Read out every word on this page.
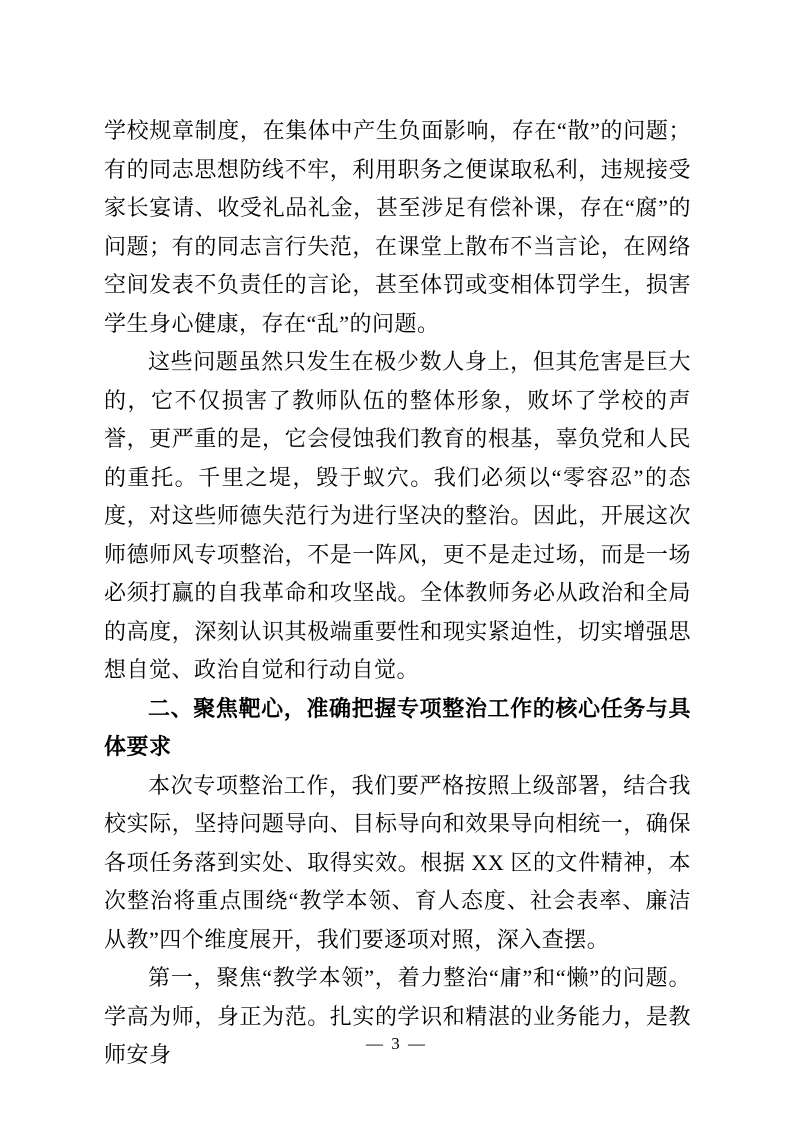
学校规章制度，在集体中产生负面影响，存在“散”的问题；有的同志思想防线不牢，利用职务之便谋取私利，违规接受家长宴请、收受礼品礼金，甚至涉足有偿补课，存在“腐”的问题；有的同志言行失范，在课堂上散布不当言论，在网络空间发表不负责任的言论，甚至体罚或变相体罚学生，损害学生身心健康，存在“乱”的问题。

这些问题虽然只发生在极少数人身上，但其危害是巨大的，它不仅损害了教师队伍的整体形象，败坏了学校的声誉，更严重的是，它会侵蚀我们教育的根基，辜负党和人民的重托。千里之堤，毁于蚁穴。我们必须以“零容忍”的态度，对这些师德失范行为进行坚决的整治。因此，开展这次师德师风专项整治，不是一阵风，更不是走过场，而是一场必须打赢的自我革命和攻坚战。全体教师务必从政治和全局的高度，深刻认识其极端重要性和现实紧迫性，切实增强思想自觉、政治自觉和行动自觉。

二、聚焦靶心，准确把握专项整治工作的核心任务与具体要求

本次专项整治工作，我们要严格按照上级部署，结合我校实际，坚持问题导向、目标导向和效果导向相统一，确保各项任务落到实处、取得实效。根据 XX 区的文件精神，本次整治将重点围绕“教学本领、育人态度、社会表率、廉洁从教”四个维度展开，我们要逐项对照，深入查摆。

第一，聚焦“教学本领”，着力整治“庸”和“懒”的问题。学高为师，身正为范。扎实的学识和精湛的业务能力，是教师安身	— 3 —
